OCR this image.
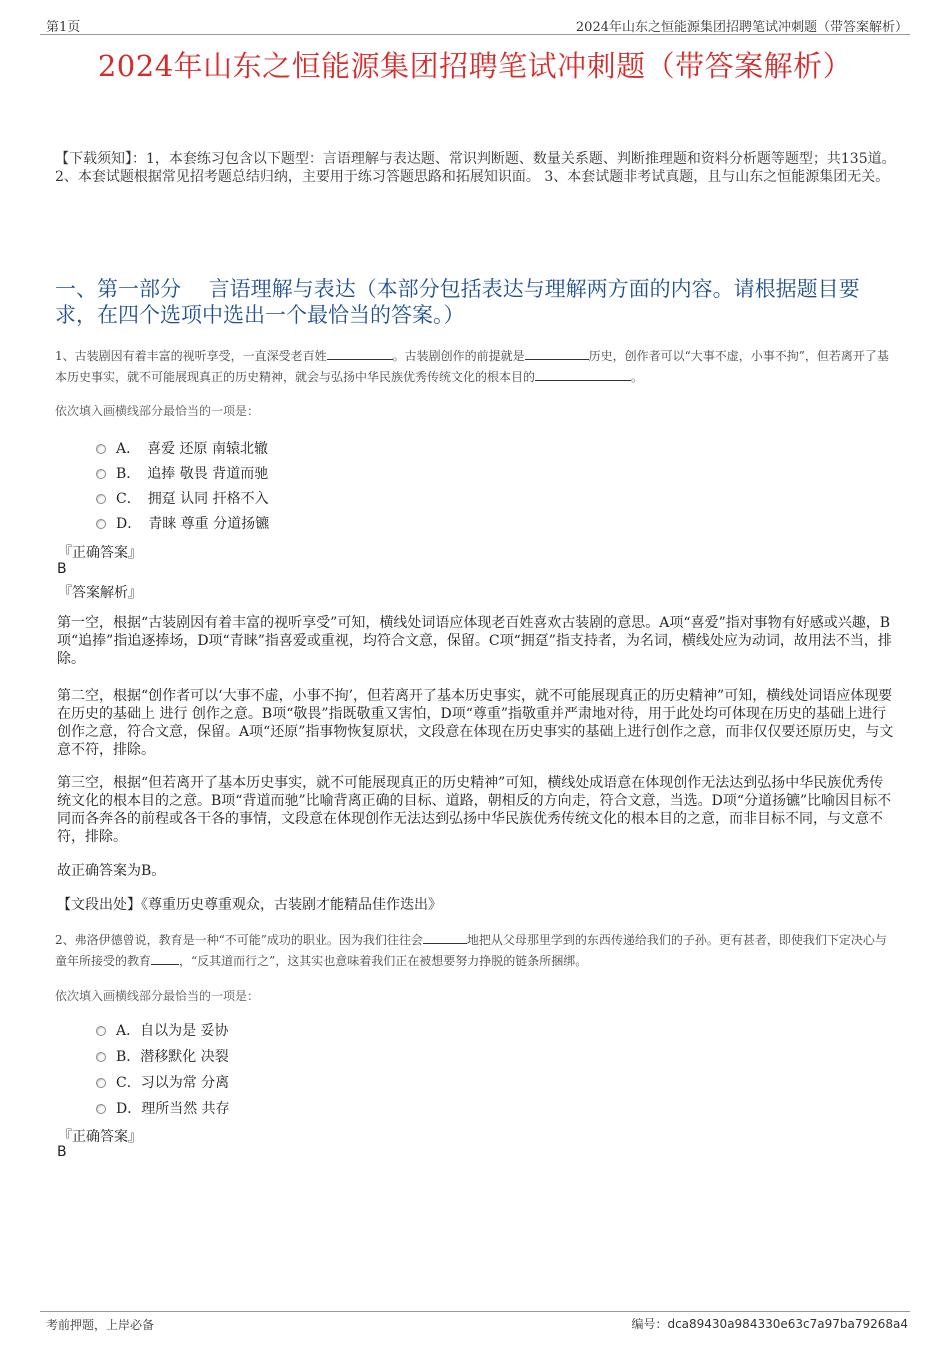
第1页	2024年山东之恒能源集团招聘笔试冲刺题（带答案解析）
2024年山东之恒能源集团招聘笔试冲刺题（带答案解析）
【下载须知】：1，本套练习包含以下题型：言语理解与表达题、常识判断题、数量关系题、判断推理题和资料分析题等题型；共135道。 2、本套试题根据常见招考题总结归纳，主要用于练习答题思路和拓展知识面。 3、本套试题非考试真题，且与山东之恒能源集团无关。
一、第一部分　 言语理解与表达（本部分包括表达与理解两方面的内容。请根据题目要求，在四个选项中选出一个最恰当的答案。）
1、古装剧因有着丰富的视听享受，一直深受老百姓	。古装剧创作的前提就是	历史，创作者可以“大事不虚，小事不拘”，但若离开了基本历史事实，就不可能展现真正的历史精神，就会与弘扬中华民族优秀传统文化的根本目的	。
依次填入画横线部分最恰当的一项是：
A．　喜爱 还原 南辕北辙
B．　追捧 敬畏 背道而驰
C．　拥趸 认同 扞格不入
D．　青睐 尊重 分道扬镳
『正确答案』
B
『答案解析』
第一空，根据“古装剧因有着丰富的视听享受”可知，横线处词语应体现老百姓喜欢古装剧的意思。A项“喜爱”指对事物有好感或兴趣，B项“追捧”指追逐捧场，D项“青睐”指喜爱或重视，均符合文意，保留。C项“拥趸”指支持者，为名词，横线处应为动词，故用法不当，排除。
第二空，根据“创作者可以‘大事不虚，小事不拘’，但若离开了基本历史事实，就不可能展现真正的历史精神”可知，横线处词语应体现要在历史的基础上 进行 创作之意。B项“敬畏”指既敬重又害怕，D项“尊重”指敬重并严肃地对待，用于此处均可体现在历史的基础上进行创作之意，符合文意，保留。A项“还原”指事物恢复原状，文段意在体现在历史事实的基础上进行创作之意，而非仅仅要还原历史，与文意不符，排除。
第三空，根据“但若离开了基本历史事实，就不可能展现真正的历史精神”可知，横线处成语意在体现创作无法达到弘扬中华民族优秀传统文化的根本目的之意。B项“背道而驰”比喻背离正确的目标、道路，朝相反的方向走，符合文意，当选。D项“分道扬镳”比喻因目标不同而各奔各的前程或各干各的事情，文段意在体现创作无法达到弘扬中华民族优秀传统文化的根本目的之意，而非目标不同，与文意不符，排除。
故正确答案为B。
【文段出处】《尊重历史尊重观众，古装剧才能精品佳作迭出》
2、弗洛伊德曾说，教育是一种“不可能”成功的职业。因为我们往往会	地把从父母那里学到的东西传递给我们的子孙。更有甚者，即使我们下定决心与童年所接受的教育 ，“反其道而行之”，这其实也意味着我们正在被想要努力挣脱的链条所捆绑。
依次填入画横线部分最恰当的一项是：
A．自以为是 妥协
B．潜移默化 决裂
C．习以为常 分离
D．理所当然 共存
『正确答案』
B
考前押题，上岸必备	编号：dca89430a984330e63c7a97ba79268a4
